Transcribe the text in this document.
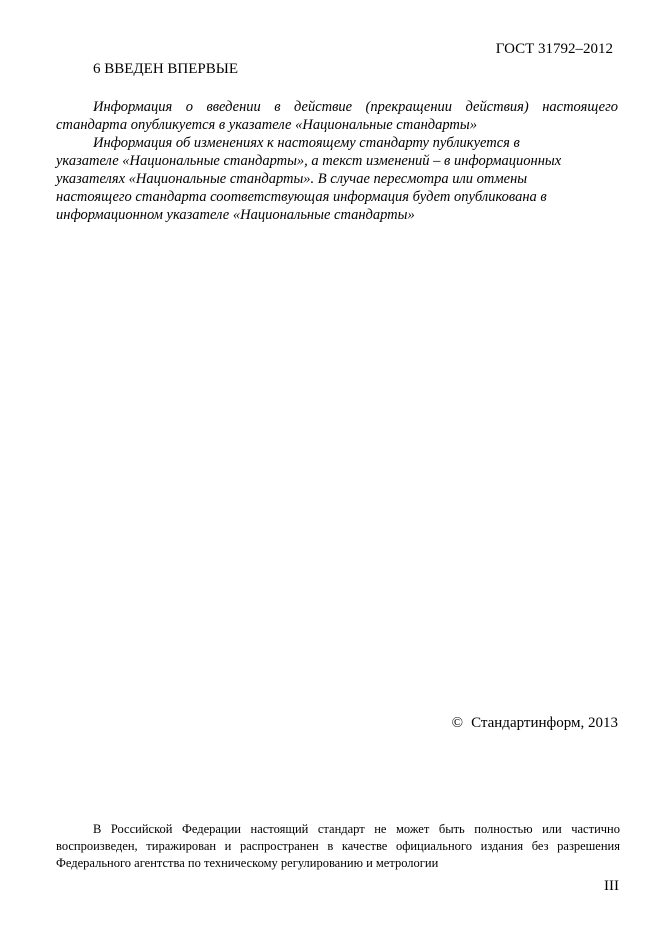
ГОСТ 31792–2012
6 ВВЕДЕН ВПЕРВЫЕ

Информация о введении в действие (прекращении действия) настоящего стандарта опубликуется в указателе «Национальные стандарты»

Информация об изменениях к настоящему стандарту публикуется в
указателе «Национальные стандарты», а текст изменений – в информационных
указателях «Национальные стандарты». В случае пересмотра или отмены
настоящего стандарта соответствующая информация будет опубликована в
информационном указателе «Национальные стандарты»

© Стандартинформ, 2013

В Российской Федерации настоящий стандарт не может быть полностью или частично воспроизведен, тиражирован и распространен в качестве официального издания без разрешения Федерального агентства по техническому регулированию и метрологии

III
